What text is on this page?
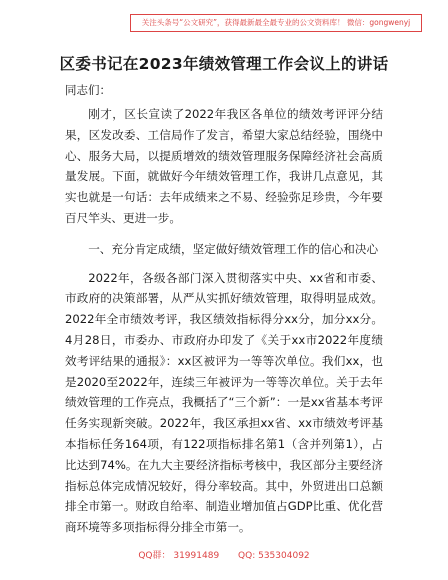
关注头条号“公文研究”，获得最新最全最专业的公文资料库！ 微信：gongwenyj
区委书记在2023年绩效管理工作会议上的讲话
同志们：

刚才，区长宣读了2022年我区各单位的绩效考评评分结果，区发改委、工信局作了发言，希望大家总结经验，围绕中心、服务大局，以提质增效的绩效管理服务保障经济社会高质量发展。下面，就做好今年绩效管理工作，我讲几点意见，其实也就是一句话：去年成绩来之不易、经验弥足珍贵，今年要百尺竿头、更进一步。

一、充分肯定成绩，坚定做好绩效管理工作的信心和决心

2022年，各级各部门深入贯彻落实中央、xx省和市委、市政府的决策部署，从严从实抓好绩效管理，取得明显成效。2022年全市绩效考评，我区绩效指标得分xx分，加分xx分。4月28日，市委办、市政府办印发了《关于xx市2022年度绩效考评结果的通报》：xx区被评为一等等次单位。我们xx，也是2020至2022年，连续三年被评为一等等次单位。关于去年绩效管理的工作亮点，我概括了“三个新”：一是xx省基本考评任务实现新突破。2022年，我区承担xx省、xx市绩效考评基本指标任务164项，有122项指标排名第1（含并列第1），占比达到74%。在九大主要经济指标考核中，我区部分主要经济指标总体完成情况较好，得分率较高。其中，外贸进出口总额排全市第一。财政自给率、制造业增加值占GDP比重、优化营商环境等多项指标得分排全市第一。

QQ群： 31991489 QQ: 535304092
